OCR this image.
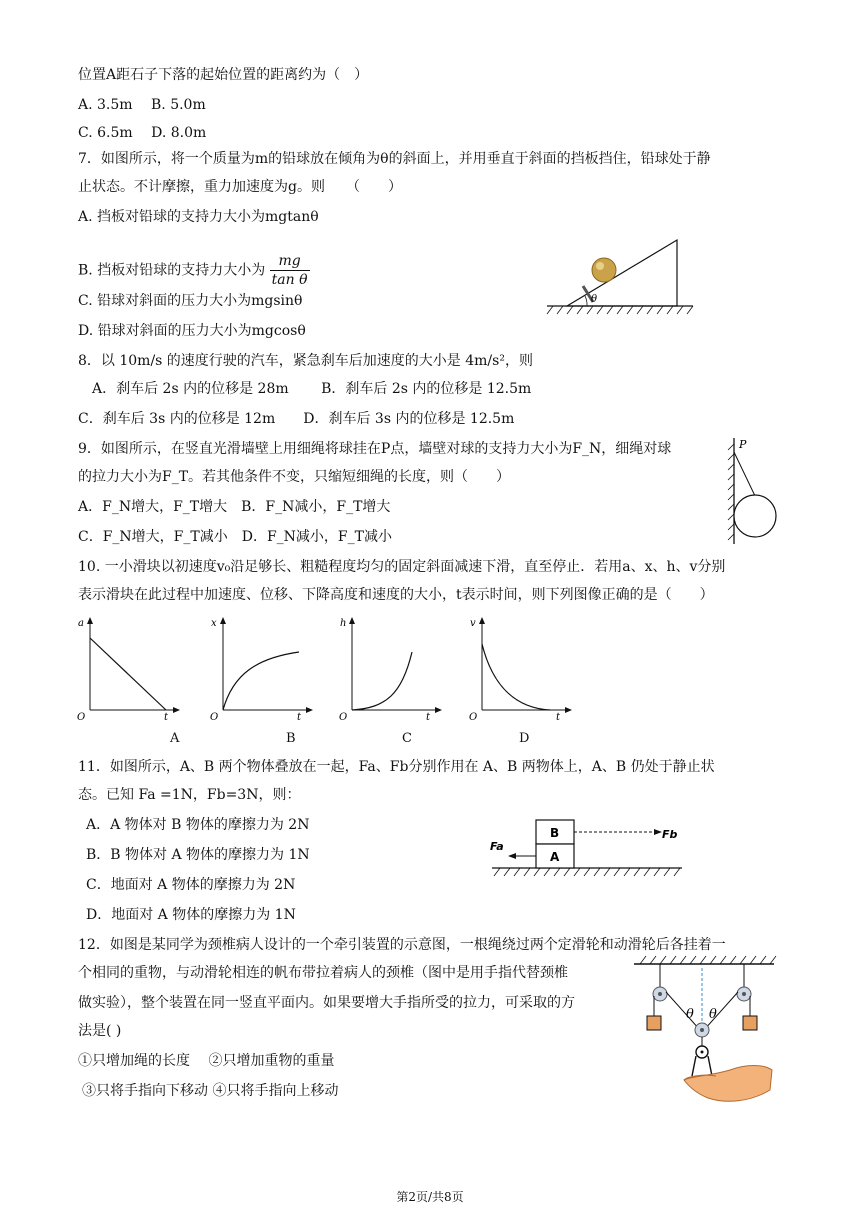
位置A距石子下落的起始位置的距离约为（　）
A. 3.5m　 B. 5.0m
C. 6.5m　 D. 8.0m
7．如图所示，将一个质量为m的铅球放在倾角为θ的斜面上，并用垂直于斜面的挡板挡住，铅球处于静
止状态。不计摩擦，重力加速度为g。则　　（　　）
A. 挡板对铅球的支持力大小为mgtanθ
B. 挡板对铅球的支持力大小为 $\frac{mg}{\text{tan θ}}$
C. 铅球对斜面的压力大小为mgsinθ
D. 铅球对斜面的压力大小为mgcosθ
θ
8．以 10m/s 的速度行驶的汽车，紧急刹车后加速度的大小是 4m/s²，则
A．刹车后 2s 内的位移是 28m　　 B．刹车后 2s 内的位移是 12.5m
C．刹车后 3s 内的位移是 12m　　D．刹车后 3s 内的位移是 12.5m
9．如图所示，在竖直光滑墙壁上用细绳将球挂在P点，墙壁对球的支持力大小为F_N，细绳对球
的拉力大小为F_T。若其他条件不变，只缩短细绳的长度，则（　　）
A．F_N增大，F_T增大　B．F_N减小，F_T增大
C．F_N增大，F_T减小　D．F_N减小，F_T减小
P
10. 一小滑块以初速度v₀沿足够长、粗糙程度均匀的固定斜面减速下滑，直至停止．若用a、x、h、v分别
表示滑块在此过程中加速度、位移、下降高度和速度的大小，t表示时间，则下列图像正确的是（　　）
a
t
O
x
t
O
h
t
O
v
t
O
A	B	C	D
11．如图所示，A、B 两个物体叠放在一起，Fa、Fb分别作用在 A、B 两物体上，A、B 仍处于静止状
态。已知 Fa =1N，Fb=3N，则：
A．A 物体对 B 物体的摩擦力为 2N
B．B 物体对 A 物体的摩擦力为 1N
C．地面对 A 物体的摩擦力为 2N
D．地面对 A 物体的摩擦力为 1N
B
A
Fa
Fb
12．如图是某同学为颈椎病人设计的一个牵引装置的示意图，一根绳绕过两个定滑轮和动滑轮后各挂着一
个相同的重物，与动滑轮相连的帆布带拉着病人的颈椎（图中是用手指代替颈椎
做实验），整个装置在同一竖直平面内。如果要增大手指所受的拉力，可采取的方
法是( )
①只增加绳的长度　 ②只增加重物的重量
③只将手指向下移动 ④只将手指向上移动
θ θ
第2页/共8页
